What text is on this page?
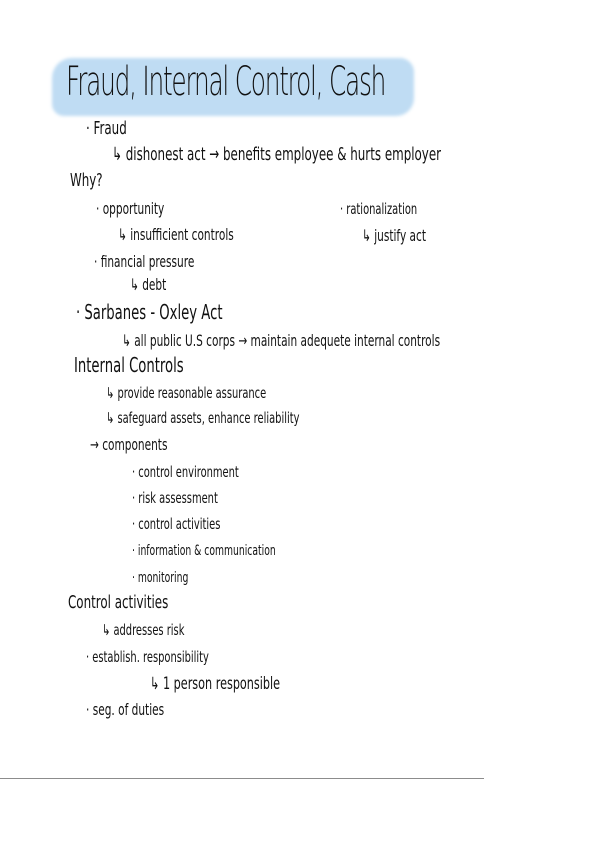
Fraud, Internal Control, Cash

· Fraud

↳ dishonest act → benefits employee & hurts employer

Why?

· opportunity	· rationalization

↳ insufficient controls	↳ justify act

· financial pressure

↳ debt

· Sarbanes - Oxley Act

↳ all public U.S corps → maintain adequete internal controls

Internal Controls

↳ provide reasonable assurance

↳ safeguard assets, enhance reliability

→ components

· control environment

· risk assessment

· control activities

· information & communication

· monitoring

Control activities

↳ addresses risk

· establish. responsibility

↳ 1 person responsible

· seg. of duties
